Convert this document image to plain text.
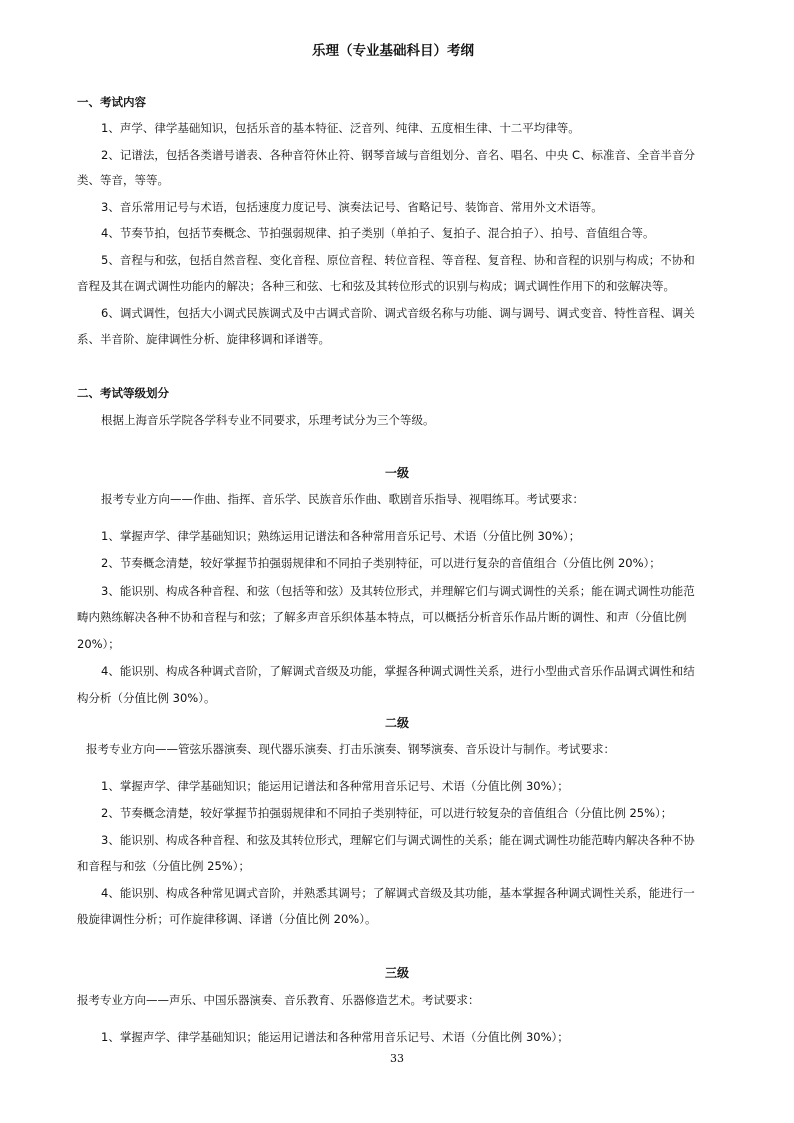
乐理（专业基础科目）考纲
一、考试内容
1、声学、律学基础知识，包括乐音的基本特征、泛音列、纯律、五度相生律、十二平均律等。
2、记谱法，包括各类谱号谱表、各种音符休止符、钢琴音域与音组划分、音名、唱名、中央 C、标准音、全音半音分
类、等音，等等。
3、音乐常用记号与术语，包括速度力度记号、演奏法记号、省略记号、装饰音、常用外文术语等。
4、节奏节拍，包括节奏概念、节拍强弱规律、拍子类别（单拍子、复拍子、混合拍子）、拍号、音值组合等。
5、音程与和弦，包括自然音程、变化音程、原位音程、转位音程、等音程、复音程、协和音程的识别与构成；不协和
音程及其在调式调性功能内的解决；各种三和弦、七和弦及其转位形式的识别与构成；调式调性作用下的和弦解决等。
6、调式调性，包括大小调式民族调式及中古调式音阶、调式音级名称与功能、调与调号、调式变音、特性音程、调关
系、半音阶、旋律调性分析、旋律移调和译谱等。
二、考试等级划分
根据上海音乐学院各学科专业不同要求，乐理考试分为三个等级。
一级
报考专业方向——作曲、指挥、音乐学、民族音乐作曲、歌剧音乐指导、视唱练耳。考试要求：
1、掌握声学、律学基础知识；熟练运用记谱法和各种常用音乐记号、术语（分值比例 30%）；
2、节奏概念清楚，较好掌握节拍强弱规律和不同拍子类别特征，可以进行复杂的音值组合（分值比例 20%）；
3、能识别、构成各种音程、和弦（包括等和弦）及其转位形式，并理解它们与调式调性的关系；能在调式调性功能范
畴内熟练解决各种不协和音程与和弦；了解多声音乐织体基本特点，可以概括分析音乐作品片断的调性、和声（分值比例
20%）；
4、能识别、构成各种调式音阶，了解调式音级及功能，掌握各种调式调性关系，进行小型曲式音乐作品调式调性和结
构分析（分值比例 30%）。
二级
报考专业方向——管弦乐器演奏、现代器乐演奏、打击乐演奏、钢琴演奏、音乐设计与制作。考试要求：
1、掌握声学、律学基础知识；能运用记谱法和各种常用音乐记号、术语（分值比例 30%）；
2、节奏概念清楚，较好掌握节拍强弱规律和不同拍子类别特征，可以进行较复杂的音值组合（分值比例 25%）；
3、能识别、构成各种音程、和弦及其转位形式，理解它们与调式调性的关系；能在调式调性功能范畴内解决各种不协
和音程与和弦（分值比例 25%）；
4、能识别、构成各种常见调式音阶，并熟悉其调号；了解调式音级及其功能，基本掌握各种调式调性关系，能进行一
般旋律调性分析；可作旋律移调、译谱（分值比例 20%）。
三级
报考专业方向——声乐、中国乐器演奏、音乐教育、乐器修造艺术。考试要求：
1、掌握声学、律学基础知识；能运用记谱法和各种常用音乐记号、术语（分值比例 30%）；
33
